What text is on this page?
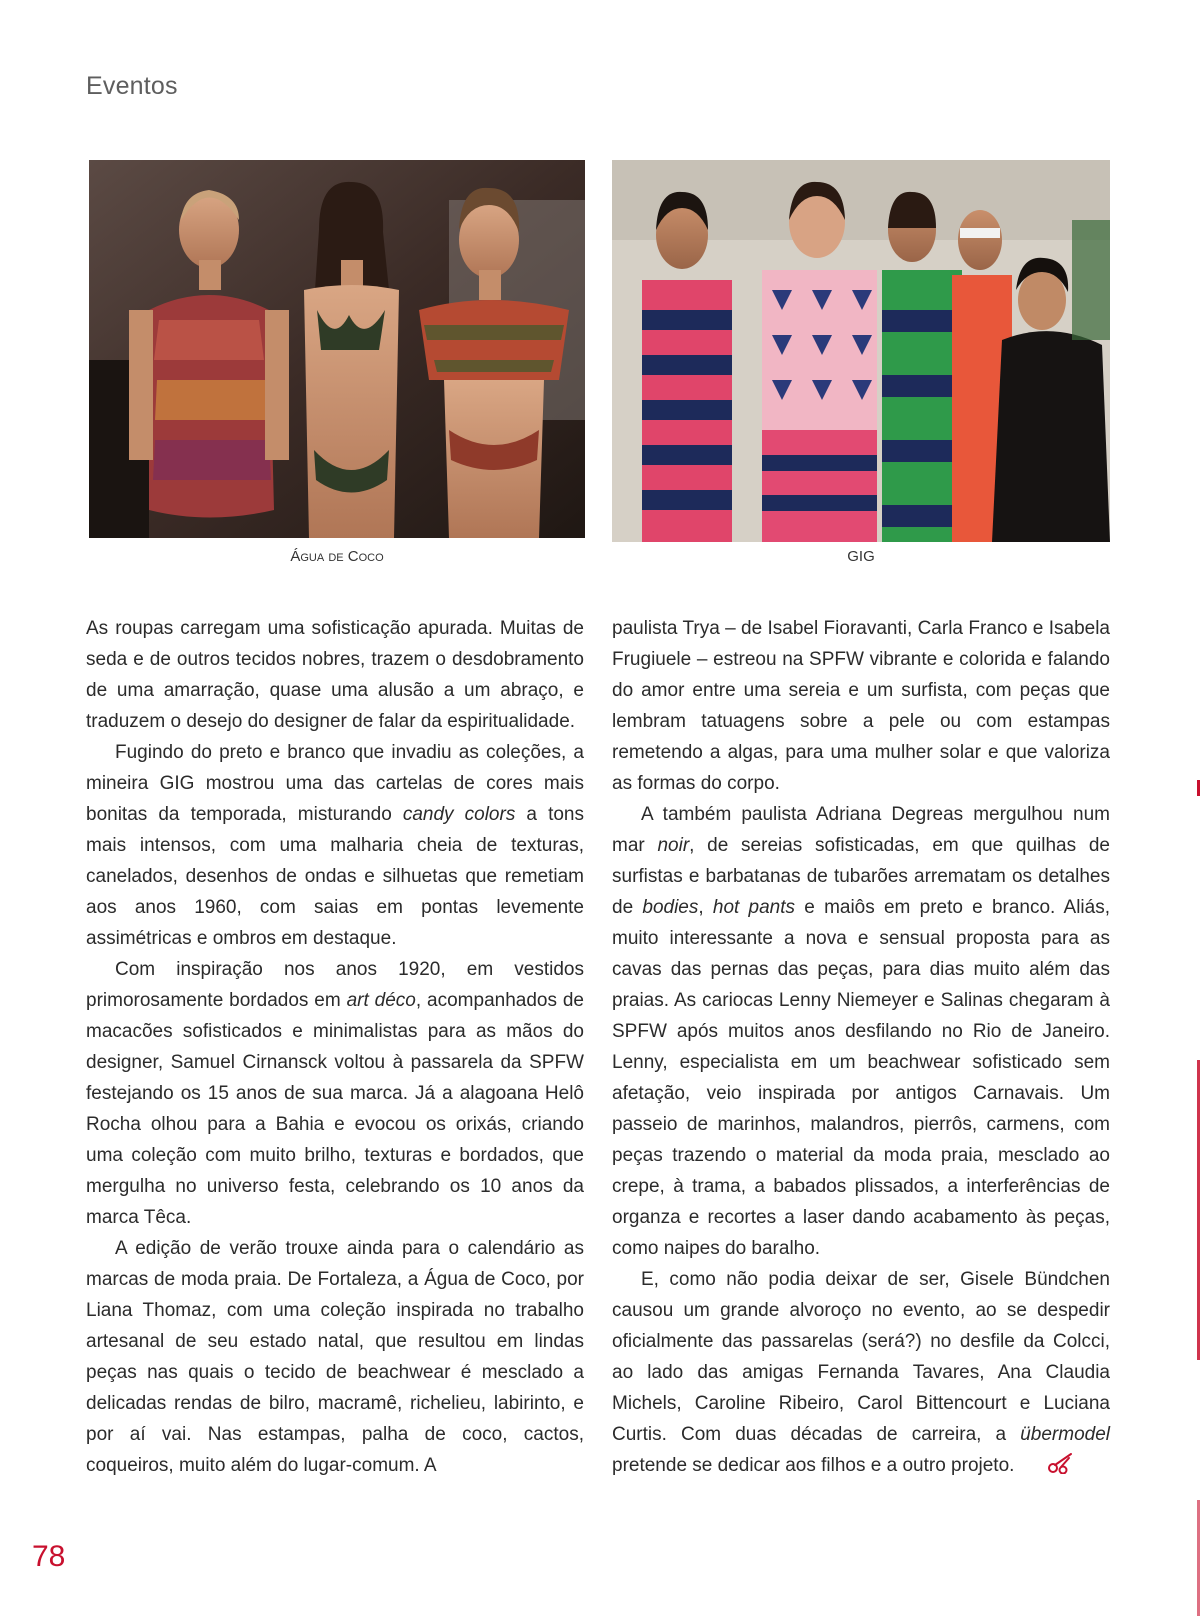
Eventos
Água de Coco	GIG

As roupas carregam uma sofisticação apurada. Muitas de seda e de outros tecidos nobres, trazem o desdobramento de uma amarração, quase uma alusão a um abraço, e traduzem o desejo do designer de falar da espiritualidade.

Fugindo do preto e branco que invadiu as coleções, a mineira GIG mostrou uma das cartelas de cores mais bonitas da temporada, misturando candy colors a tons mais intensos, com uma malharia cheia de texturas, canelados, desenhos de ondas e silhuetas que remetiam aos anos 1960, com saias em pontas levemente assimétricas e ombros em destaque.

Com inspiração nos anos 1920, em vestidos primorosamente bordados em art déco, acompanhados de macacões sofisticados e minimalistas para as mãos do designer, Samuel Cirnansck voltou à passarela da SPFW festejando os 15 anos de sua marca. Já a alagoana Helô Rocha olhou para a Bahia e evocou os orixás, criando uma coleção com muito brilho, texturas e bordados, que mergulha no universo festa, celebrando os 10 anos da marca Têca.

A edição de verão trouxe ainda para o calendário as marcas de moda praia. De Fortaleza, a Água de Coco, por Liana Thomaz, com uma coleção inspirada no trabalho artesanal de seu estado natal, que resultou em lindas peças nas quais o tecido de beachwear é mesclado a delicadas rendas de bilro, macramê, richelieu, labirinto, e por aí vai. Nas estampas, palha de coco, cactos, coqueiros, muito além do lugar-comum. A

paulista Trya – de Isabel Fioravanti, Carla Franco e Isabela Frugiuele – estreou na SPFW vibrante e colorida e falando do amor entre uma sereia e um surfista, com peças que lembram tatuagens sobre a pele ou com estampas remetendo a algas, para uma mulher solar e que valoriza as formas do corpo.

A também paulista Adriana Degreas mergulhou num mar noir, de sereias sofisticadas, em que quilhas de surfistas e barbatanas de tubarões arrematam os detalhes de bodies, hot pants e maiôs em preto e branco. Aliás, muito interessante a nova e sensual proposta para as cavas das pernas das peças, para dias muito além das praias. As cariocas Lenny Niemeyer e Salinas chegaram à SPFW após muitos anos desfilando no Rio de Janeiro. Lenny, especialista em um beachwear sofisticado sem afetação, veio inspirada por antigos Carnavais. Um passeio de marinhos, malandros, pierrôs, carmens, com peças trazendo o material da moda praia, mesclado ao crepe, à trama, a babados plissados, a interferências de organza e recortes a laser dando acabamento às peças, como naipes do baralho.

E, como não podia deixar de ser, Gisele Bündchen causou um grande alvoroço no evento, ao se despedir oficialmente das passarelas (será?) no desfile da Colcci, ao lado das amigas Fernanda Tavares, Ana Claudia Michels, Caroline Ribeiro, Carol Bittencourt e Luciana Curtis. Com duas décadas de carreira, a übermodel pretende se dedicar aos filhos e a outro projeto.

78
